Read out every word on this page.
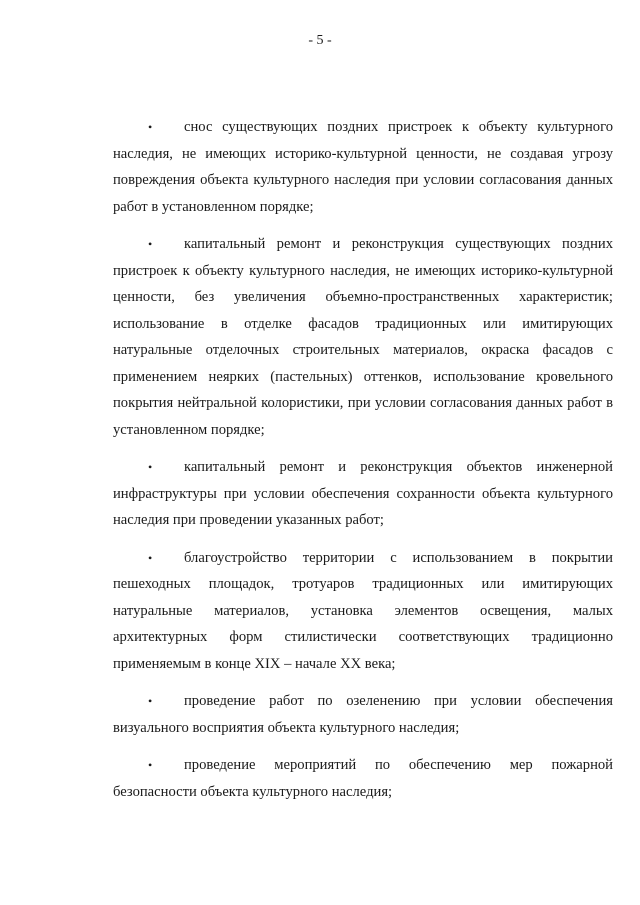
- 5 -

• снос существующих поздних пристроек к объекту культурного наследия, не имеющих историко-культурной ценности, не создавая угрозу повреждения объекта культурного наследия при условии согласования данных работ в установленном порядке;

• капитальный ремонт и реконструкция существующих поздних пристроек к объекту культурного наследия, не имеющих историко-культурной ценности, без увеличения объемно-пространственных характеристик; использование в отделке фасадов традиционных или имитирующих натуральные отделочных строительных материалов, окраска фасадов с применением неярких (пастельных) оттенков, использование кровельного покрытия нейтральной колористики, при условии согласования данных работ в установленном порядке;

• капитальный ремонт и реконструкция объектов инженерной инфраструктуры при условии обеспечения сохранности объекта культурного наследия при проведении указанных работ;

• благоустройство территории с использованием в покрытии пешеходных площадок, тротуаров традиционных или имитирующих натуральные материалов, установка элементов освещения, малых архитектурных форм стилистически соответствующих традиционно применяемым в конце XIX – начале XX века;

• проведение работ по озеленению при условии обеспечения визуального восприятия объекта культурного наследия;

• проведение мероприятий по обеспечению мер пожарной безопасности объекта культурного наследия;
